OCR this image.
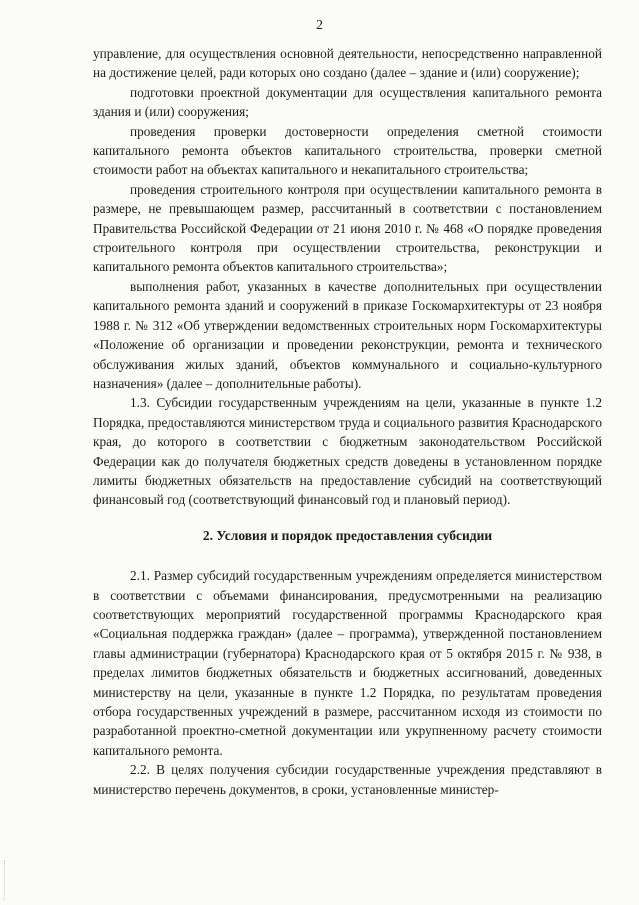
2

управление, для осуществления основной деятельности, непосредственно направленной на достижение целей, ради которых оно создано (далее – здание и (или) сооружение);

подготовки проектной документации для осуществления капитального ремонта здания и (или) сооружения;

проведения проверки достоверности определения сметной стоимости капитального ремонта объектов капитального строительства, проверки сметной стоимости работ на объектах капитального и некапитального строительства;

проведения строительного контроля при осуществлении капитального ремонта в размере, не превышающем размер, рассчитанный в соответствии с постановлением Правительства Российской Федерации от 21 июня 2010 г. № 468 «О порядке проведения строительного контроля при осуществлении строительства, реконструкции и капитального ремонта объектов капитального строительства»;

выполнения работ, указанных в качестве дополнительных при осуществлении капитального ремонта зданий и сооружений в приказе Госкомархитектуры от 23 ноября 1988 г. № 312 «Об утверждении ведомственных строительных норм Госкомархитектуры «Положение об организации и проведении реконструкции, ремонта и технического обслуживания жилых зданий, объектов коммунального и социально-культурного назначения» (далее – дополнительные работы).

1.3. Субсидии государственным учреждениям на цели, указанные в пункте 1.2 Порядка, предоставляются министерством труда и социального развития Краснодарского края, до которого в соответствии с бюджетным законодательством Российской Федерации как до получателя бюджетных средств доведены в установленном порядке лимиты бюджетных обязательств на предоставление субсидий на соответствующий финансовый год (соответствующий финансовый год и плановый период).

2. Условия и порядок предоставления субсидии

2.1. Размер субсидий государственным учреждениям определяется министерством в соответствии с объемами финансирования, предусмотренными на реализацию соответствующих мероприятий государственной программы Краснодарского края «Социальная поддержка граждан» (далее – программа), утвержденной постановлением главы администрации (губернатора) Краснодарского края от 5 октября 2015 г. № 938, в пределах лимитов бюджетных обязательств и бюджетных ассигнований, доведенных министерству на цели, указанные в пункте 1.2 Порядка, по результатам проведения отбора государственных учреждений в размере, рассчитанном исходя из стоимости по разработанной проектно-сметной документации или укрупненному расчету стоимости капитального ремонта.

2.2. В целях получения субсидии государственные учреждения представляют в министерство перечень документов, в сроки, установленные министер-
